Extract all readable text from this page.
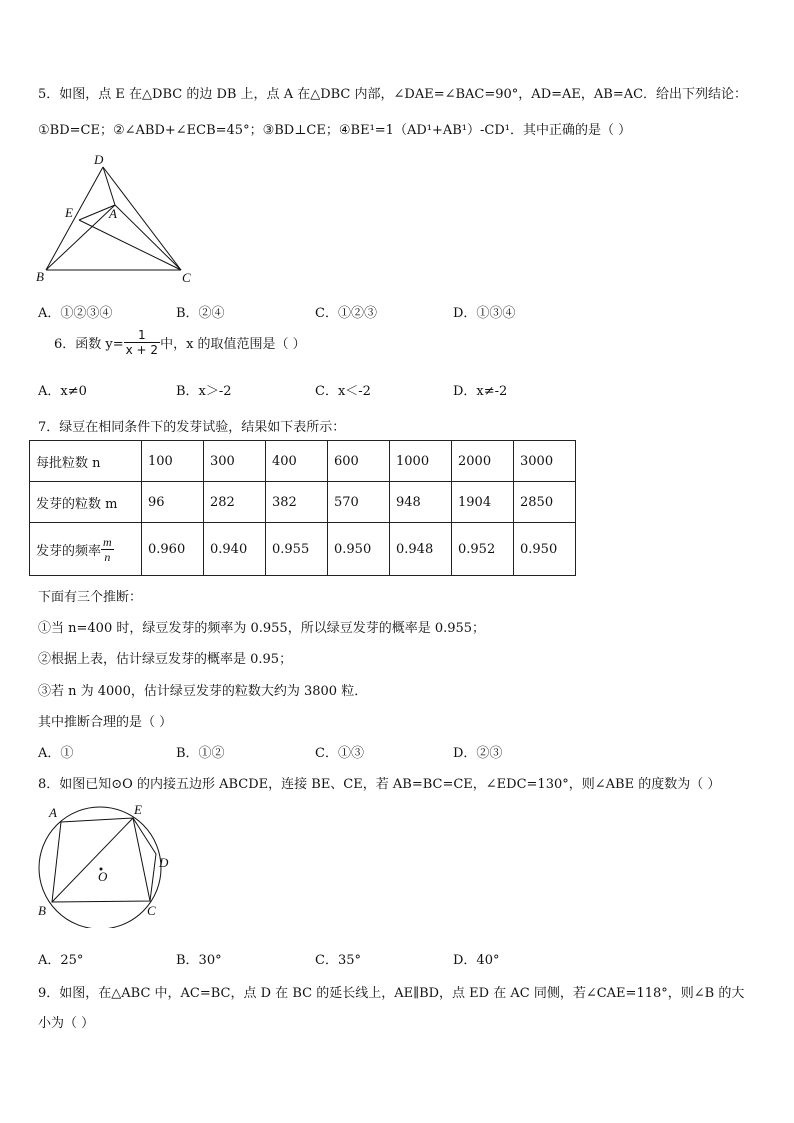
5．如图，点 E 在△DBC 的边 DB 上，点 A 在△DBC 内部，∠DAE=∠BAC=90°，AD=AE，AB=AC．给出下列结论：
①BD=CE；②∠ABD+∠ECB=45°；③BD⊥CE；④BE¹=1（AD¹+AB¹）-CD¹．其中正确的是（ ）
D
E	A
B	C
A．①②③④	B．②④	C．①②③	D．①③④
6．函数 $y= \frac{1}{x + 2}$ 中，x 的取值范围是（ ）
A．x≠0	B．x＞-2	C．x＜-2	D．x≠-2
7．绿豆在相同条件下的发芽试验，结果如下表所示：
每批粒数 n	100	300	400	600	1000	2000	3000
发芽的粒数 m	96	282	382	570	948	1904	2850
发芽的频率 $\frac{m}{n}$	0.960	0.940	0.955	0.950	0.948	0.952	0.950
下面有三个推断：
①当 n=400 时，绿豆发芽的频率为 0.955，所以绿豆发芽的概率是 0.955；
②根据上表，估计绿豆发芽的概率是 0.95；
③若 n 为 4000，估计绿豆发芽的粒数大约为 3800 粒．
其中推断合理的是（ ）
A．①	B．①②	C．①③	D．②③
8．如图已知⊙O 的内接五边形 ABCDE，连接 BE、CE，若 AB=BC=CE，∠EDC=130°，则∠ABE 的度数为（ ）
A	E
D
O
B	C
A．25°	B．30°	C．35°	D．40°
9．如图，在△ABC 中，AC=BC，点 D 在 BC 的延长线上，AE∥BD，点 ED 在 AC 同侧，若∠CAE=118°，则∠B 的大
小为（ ）
